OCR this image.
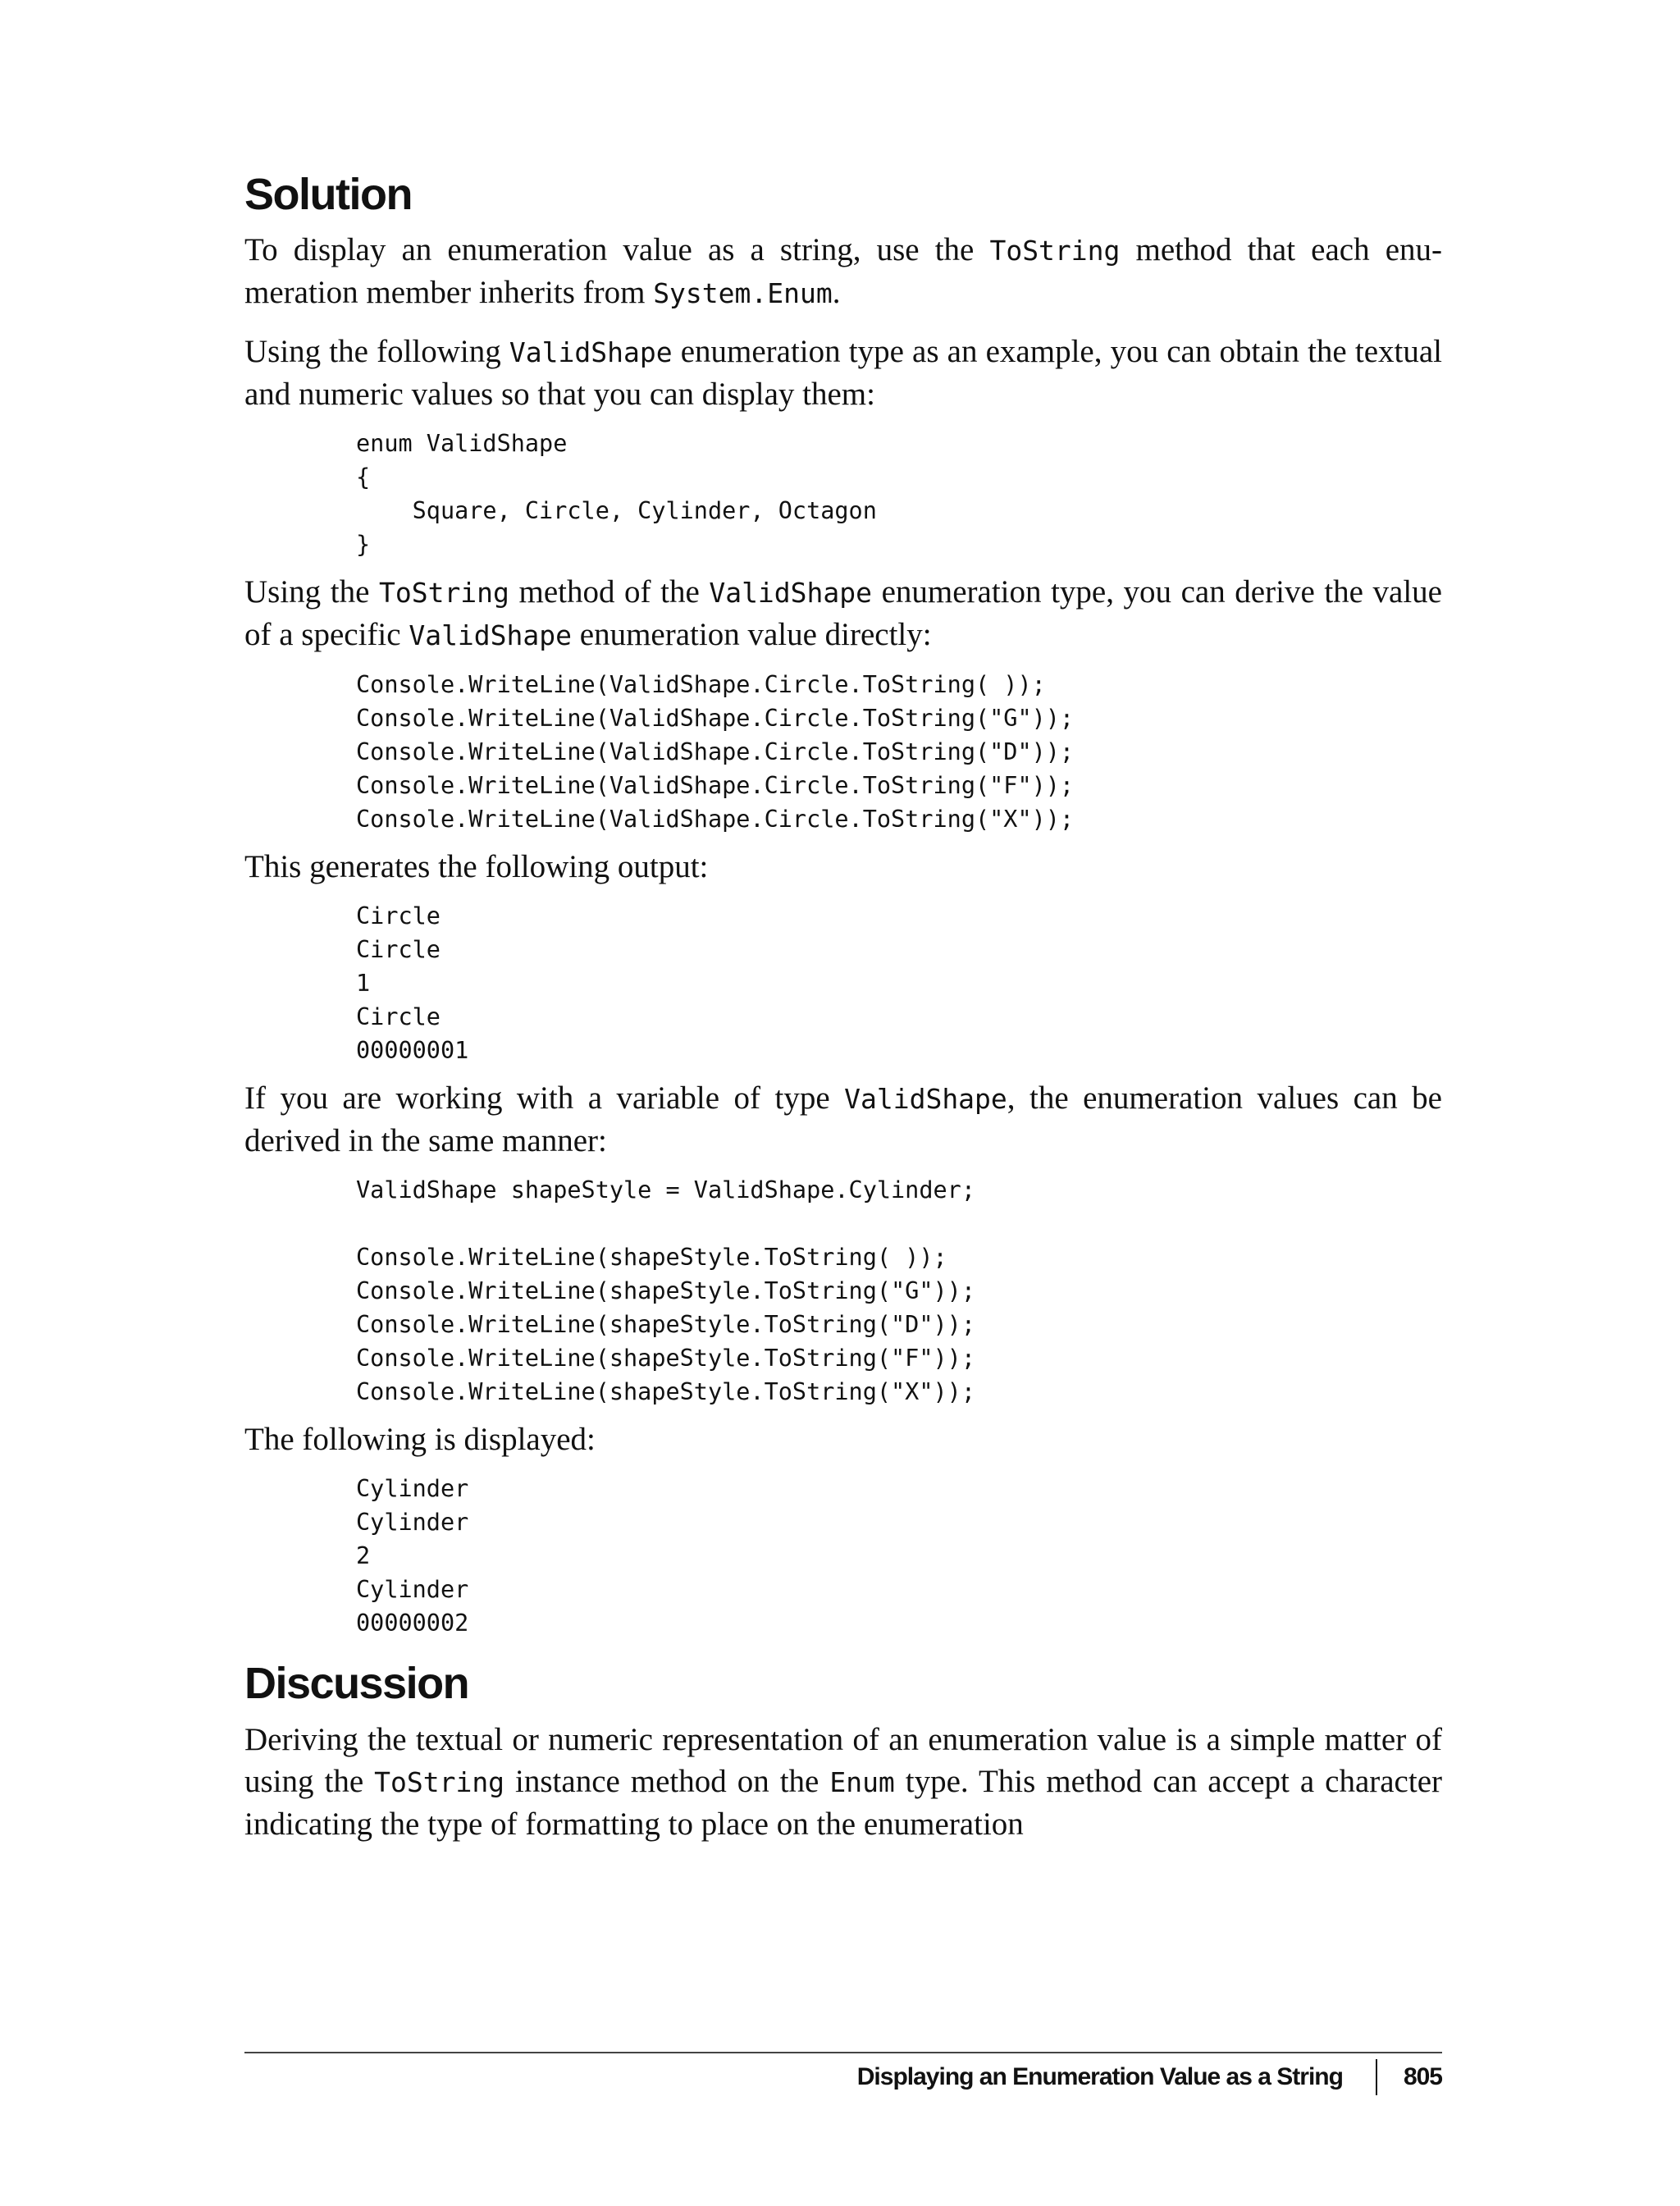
Solution

To display an enumeration value as a string, use the ToString method that each enu-meration member inherits from System.Enum.

Using the following ValidShape enumeration type as an example, you can obtain the textual and numeric values so that you can display them:

enum ValidShape
{
Square, Circle, Cylinder, Octagon
}

Using the ToString method of the ValidShape enumeration type, you can derive the value of a specific ValidShape enumeration value directly:

Console.WriteLine(ValidShape.Circle.ToString( ));
Console.WriteLine(ValidShape.Circle.ToString("G"));
Console.WriteLine(ValidShape.Circle.ToString("D"));
Console.WriteLine(ValidShape.Circle.ToString("F"));
Console.WriteLine(ValidShape.Circle.ToString("X"));

This generates the following output:

Circle
Circle
1
Circle
00000001

If you are working with a variable of type ValidShape, the enumeration values can be derived in the same manner:

ValidShape shapeStyle = ValidShape.Cylinder;

Console.WriteLine(shapeStyle.ToString( ));
Console.WriteLine(shapeStyle.ToString("G"));
Console.WriteLine(shapeStyle.ToString("D"));
Console.WriteLine(shapeStyle.ToString("F"));
Console.WriteLine(shapeStyle.ToString("X"));

The following is displayed:

Cylinder
Cylinder
2
Cylinder
00000002
Discussion

Deriving the textual or numeric representation of an enumeration value is a simple matter of using the ToString instance method on the Enum type. This method can accept a character indicating the type of formatting to place on the enumeration

Displaying an Enumeration Value as a String 805
